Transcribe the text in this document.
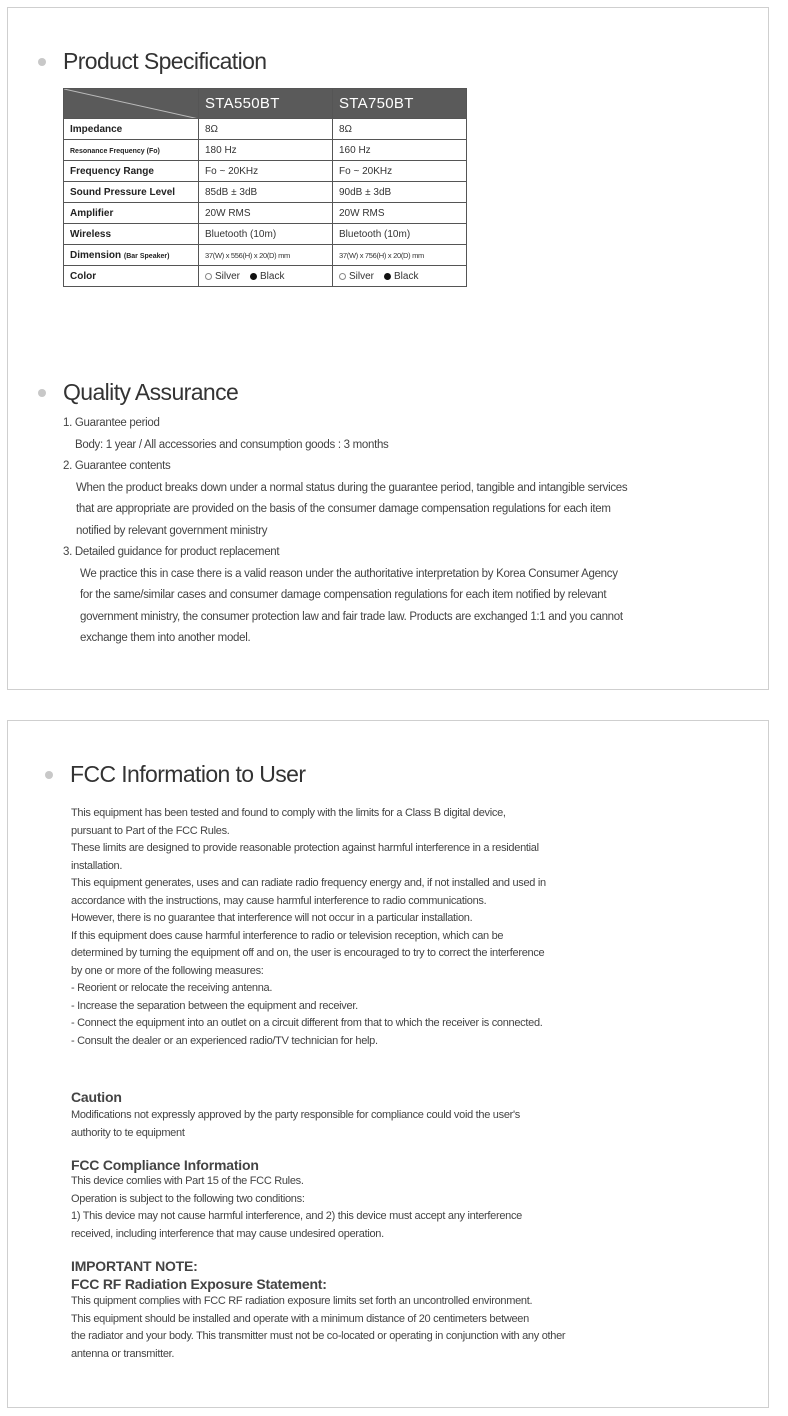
Product Specification
	STA550BT	STA750BT
Impedance	8Ω	8Ω
Resonance Frequency (Fo)	180 Hz	160 Hz
Frequency Range	Fo ~ 20KHz	Fo ~ 20KHz
Sound Pressure Level	85dB ± 3dB	90dB ± 3dB
Amplifier	20W RMS	20W RMS
Wireless	Bluetooth (10m)	Bluetooth (10m)
Dimension (Bar Speaker)	37(W) x 556(H) x 20(D) mm	37(W) x 756(H) x 20(D) mm
Color	Silver Black	Silver Black
Quality Assurance
1. Guarantee period
Body: 1 year / All accessories and consumption goods : 3 months
2. Guarantee contents
When the product breaks down under a normal status during the guarantee period, tangible and intangible services
that are appropriate are provided on the basis of the consumer damage compensation regulations for each item
notified by relevant government ministry
3. Detailed guidance for product replacement
We practice this in case there is a valid reason under the authoritative interpretation by Korea Consumer Agency
for the same/similar cases and consumer damage compensation regulations for each item notified by relevant
government ministry, the consumer protection law and fair trade law. Products are exchanged 1:1 and you cannot
exchange them into another model.
FCC Information to User

This equipment has been tested and found to comply with the limits for a Class B digital device,

pursuant to Part of the FCC Rules.

These limits are designed to provide reasonable protection against harmful interference in a residential

installation.

This equipment generates, uses and can radiate radio frequency energy and, if not installed and used in

accordance with the instructions, may cause harmful interference to radio communications.

However, there is no guarantee that interference will not occur in a particular installation.

If this equipment does cause harmful interference to radio or television reception, which can be

determined by turning the equipment off and on, the user is encouraged to try to correct the interference

by one or more of the following measures:

- Reorient or relocate the receiving antenna.

- Increase the separation between the equipment and receiver.

- Connect the equipment into an outlet on a circuit different from that to which the receiver is connected.

- Consult the dealer or an experienced radio/TV technician for help.

Caution

Modifications not expressly approved by the party responsible for compliance could void the user's

authority to te equipment

FCC Compliance Information

This device comlies with Part 15 of the FCC Rules.

Operation is subject to the following two conditions:

1) This device may not cause harmful interference, and 2) this device must accept any interference

received, including interference that may cause undesired operation.

IMPORTANT NOTE:
FCC RF Radiation Exposure Statement:

This quipment complies with FCC RF radiation exposure limits set forth an uncontrolled environment.

This equipment should be installed and operate with a minimum distance of 20 centimeters between

the radiator and your body. This transmitter must not be co-located or operating in conjunction with any other

antenna or transmitter.
